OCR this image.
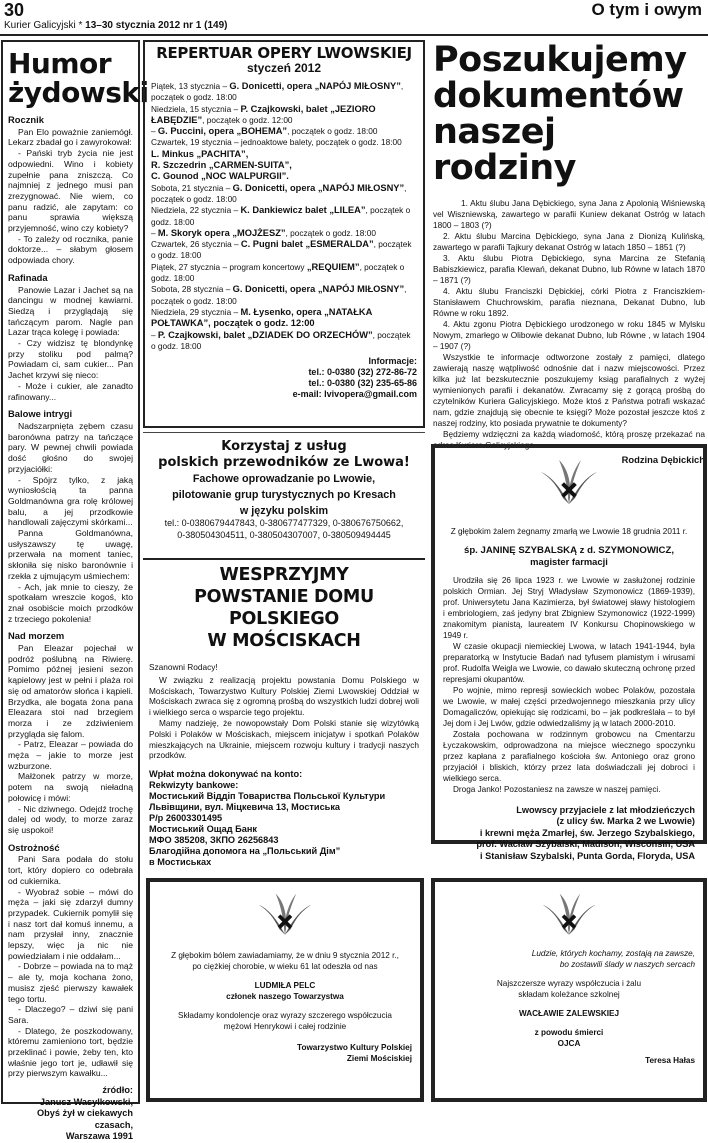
30
Kurier Galicyjski * 13–30 stycznia 2012 nr 1 (149)
O tym i owym
Humor żydowski
Rocznik

Pan Elo poważnie zaniemógł. Lekarz zbadał go i zawyrokował:

- Pański tryb życia nie jest odpowiedni. Wino i kobiety zupełnie pana zniszczą. Co najmniej z jednego musi pan zrezygnować. Nie wiem, co panu radzić, ale zapytam: co panu sprawia większą przyjemność, wino czy kobiety?

- To zależy od rocznika, panie doktorze... – słabym głosem odpowiada chory.

Rafinada

Panowie Lazar i Jachet są na dancingu w modnej kawiarni. Siedzą i przyglądają się tańczącym parom. Nagle pan Lazar trąca kolegę i powiada:

- Czy widzisz tę blondynkę przy stoliku pod palmą? Powiadam ci, sam cukier... Pan Jachet krzywi się nieco:

- Może i cukier, ale zanadto rafinowany...

Balowe intrygi

Nadszarpnięta zębem czasu baronówna patrzy na tańczące pary. W pewnej chwili powiada dość głośno do swojej przyjaciółki:

- Spójrz tylko, z jaką wyniosłością ta panna Goldmanówna gra rolę królowej balu, a jej przodkowie handlowali zajęczymi skórkami...

Panna Goldmanówna, usłyszawszy tę uwagę, przerwała na moment taniec, skłoniła się nisko baronównie i rzekła z ujmującym uśmiechem:

- Ach, jak mnie to cieszy, że spotkałam wreszcie kogoś, kto znał osobiście moich przodków z trzeciego pokolenia!

Nad morzem

Pan Eleazar pojechał w podróż poślubną na Riwierę. Pomimo późnej jesieni sezon kąpielowy jest w pełni i plaża roi się od amatorów słońca i kąpieli. Brzydka, ale bogata żona pana Eleazara stoi nad brzegiem morza i ze zdziwieniem przygląda się falom.

- Patrz, Eleazar – powiada do męża – jakie to morze jest wzburzone.

Małżonek patrzy w morze, potem na swoją nieładną połowicę i mówi:

- Nic dziwnego. Odejdź trochę dalej od wody, to morze zaraz się uspokoi!

Ostrożność

Pani Sara podała do stołu tort, który dopiero co odebrała od cukiernika.

- Wyobraź sobie – mówi do męża – jaki się zdarzył dumny przypadek. Cukiernik pomylił się i nasz tort dał komuś innemu, a nam przysłał inny, znacznie lepszy, więc ja nic nie powiedziałam i nie oddałam...

- Dobrze – powiada na to mąż – ale ty, moja kochana żono, musisz zjeść pierwszy kawałek tego tortu.

- Dlaczego? – dziwi się pani Sara.

- Dlatego, że poszkodowany, któremu zamieniono tort, będzie przeklinać i powie, żeby ten, kto właśnie jego tort je, udławił się przy pierwszym kawałku...

źródło:
Janusz Wasylkowski,
Obyś żył w ciekawych
czasach,
Warszawa 1991
REPERTUAR OPERY LWOWSKIEJ
styczeń 2012
Piątek, 13 stycznia – G. Donicetti, opera „NAPÓJ MIŁOSNY”, początek o godz. 18:00
Niedziela, 15 stycznia – P. Czajkowski, balet „JEZIORO ŁABĘDZIE”, początek o godz. 12:00
– G. Puccini, opera „BOHEMA”, początek o godz. 18:00
Czwartek, 19 stycznia – jednoaktowe balety, początek o godz. 18:00
L. Minkus „PACHITA”,
R. Szczedrin „CARMEN-SUITA”,
C. Gounod „NOC WALPURGII”.
Sobota, 21 stycznia – G. Donicetti, opera „NAPÓJ MIŁOSNY”, początek o godz. 18:00
Niedziela, 22 stycznia – K. Dankiewicz balet „LILEA”, początek o godz. 18:00
– M. Skoryk opera „MOJŻESZ”, początek o godz. 18:00
Czwartek, 26 stycznia – C. Pugni balet „ESMERALDA”, początek o godz. 18:00
Piątek, 27 stycznia – program koncertowy „REQUIEM”, początek o godz. 18:00
Sobota, 28 stycznia – G. Donicetti, opera „NAPÓJ MIŁOSNY”, początek o godz. 18:00
Niedziela, 29 stycznia – M. Łysenko, opera „NATAŁKA POŁTAWKA”, początek o godz. 12:00
– P. Czajkowski, balet „DZIADEK DO ORZECHÓW”, początek o godz. 18:00
Informacje:
tel.: 0-0380 (32) 272-86-72
tel.: 0-0380 (32) 235-65-86
e-mail: lvivopera@gmail.com
Korzystaj z usług
polskich przewodników ze Lwowa!
Fachowe oprowadzanie po Lwowie,
pilotowanie grup turystycznych po Kresach
w języku polskim
tel.: 0-0380679447843, 0-380677477329, 0-380676750662,
0-380504304511, 0-380504307007, 0-380509494445
WESPRZYJMY
POWSTANIE DOMU POLSKIEGO
W MOŚCISKACH
Szanowni Rodacy!

W związku z realizacją projektu powstania Domu Polskiego w Mościskach, Towarzystwo Kultury Polskiej Ziemi Lwowskiej Oddział w Mościskach zwraca się z ogromną prośbą do wszystkich ludzi dobrej woli i wielkiego serca o wsparcie tego projektu.

Mamy nadzieję, że nowopowstały Dom Polski stanie się wizytówką Polski i Polaków w Mościskach, miejscem inicjatyw i spotkań Polaków mieszkających na Ukrainie, miejscem rozwoju kultury i tradycji naszych przodków.

Wpłat można dokonywać na konto:
Rekwizyty bankowe:
Мостиський Віддіп Товариства Польської Культури
Львівщини, вул. Міцкевича 13, Мостиська
Р/р 26003301495
Мостиський Ощад Банк
МФО 385208, ЗКПО 26256843
Благодійна допомога на „Польський Дім”
в Мостиськах
Poszukujemy dokumentów naszej rodziny

1. Aktu ślubu Jana Dębickiego, syna Jana z Apolonią Wiśniewską vel Wiszniewską, zawartego w parafii Kuniew dekanat Ostróg w latach 1800 – 1803 (?)

2. Aktu ślubu Marcina Dębickiego, syna Jana z Dionizą Kulińską, zawartego w parafii Tajkury dekanat Ostróg w latach 1850 – 1851 (?)

3. Aktu ślubu Piotra Dębickiego, syna Marcina ze Stefanią Babiszkiewicz, parafia Klewań, dekanat Dubno, lub Równe w latach 1870 – 1871 (?)

4. Aktu ślubu Franciszki Dębickiej, córki Piotra z Franciszkiem-Stanisławem Chuchrowskim, parafia nieznana, Dekanat Dubno, lub Równe w roku 1892.

4. Aktu zgonu Piotra Dębickiego urodzonego w roku 1845 w Mylsku Nowym, zmarłego w Olibowie dekanat Dubno, lub Równe , w latach 1904 – 1907 (?)

Wszystkie te informacje odtworzone zostały z pamięci, dlatego zawierają naszę wątpliwość odnośnie dat i nazw miejscowości. Przez kilka już lat bezskutecznie poszukujemy ksiąg parafialnych z wyżej wymienionych parafii i dekanatów. Zwracamy się z gorącą prośbą do czytelników Kuriera Galicyjskiego. Może ktoś z Państwa potrafi wskazać nam, gdzie znajdują się obecnie te księgi? Może pozostał jeszcze ktoś z naszej rodziny, kto posiada prywatnie te dokumenty?

Będziemy wdzięczni za każdą wiadomość, którą proszę przekazać na adres Kuriera Galicyjskiego.

Rodzina Dębickich
Z głębokim żalem żegnamy zmarłą we Lwowie 18 grudnia 2011 r.
śp. JANINĘ SZYBALSKĄ z d. SZYMONOWICZ,
magister farmacji

Urodziła się 26 lipca 1923 r. we Lwowie w zasłużonej rodzinie polskich Ormian. Jej Stryj Władysław Szymonowicz (1869-1939), prof. Uniwersytetu Jana Kazimierza, był światowej sławy histologiem i embriologiem, zaś jedyny brat Zbigniew Szymonowicz (1922-1999) znakomitym pianistą, laureatem IV Konkursu Chopinowskiego w 1949 r.

W czasie okupacji niemieckiej Lwowa, w latach 1941-1944, była preparatorką w Instytucie Badań nad tyfusem plamistym i wirusami prof. Rudolfa Weigla we Lwowie, co dawało skuteczną ochronę przed represjami okupantów.

Po wojnie, mimo represji sowieckich wobec Polaków, pozostała we Lwowie, w małej części przedwojennego mieszkania przy ulicy Domagaliczów, opiekując się rodzicami, bo – jak podkreślała – to był Jej dom i Jej Lwów, gdzie odwiedzaliśmy ją w latach 2000-2010.

Została pochowana w rodzinnym grobowcu na Cmentarzu Łyczakowskim, odprowadzona na miejsce wiecznego spoczynku przez kapłana z parafialnego kościoła św. Antoniego oraz grono przyjaciół i bliskich, którzy przez lata doświadczali jej dobroci i wielkiego serca.

Droga Janko! Pozostaniesz na zawsze w naszej pamięci.

Lwowscy przyjaciele z lat młodzieńczych
(z ulicy św. Marka 2 we Lwowie)
i krewni męża Zmarłej, św. Jerzego Szybalskiego,
prof. Wacław Szybalski, Madison, Wisconsin, USA
i Stanisław Szybalski, Punta Gorda, Floryda, USA
Z głębokim bólem zawiadamiamy, że w dniu 9 stycznia 2012 r.,
po ciężkiej chorobie, w wieku 61 lat odeszła od nas
LUDMIŁA PELC
członek naszego Towarzystwa
Składamy kondolencje oraz wyrazy szczerego współczucia
mężowi Henrykowi i całej rodzinie
Towarzystwo Kultury Polskiej
Ziemi Mościskiej
Ludzie, których kochamy, zostają na zawsze,
bo zostawili ślady w naszych sercach
Najszczersze wyrazy współczucia i żalu
składam koleżance szkolnej
WACŁAWIE ZALEWSKIEJ
z powodu śmierci
OJCA
Teresa Hałas
